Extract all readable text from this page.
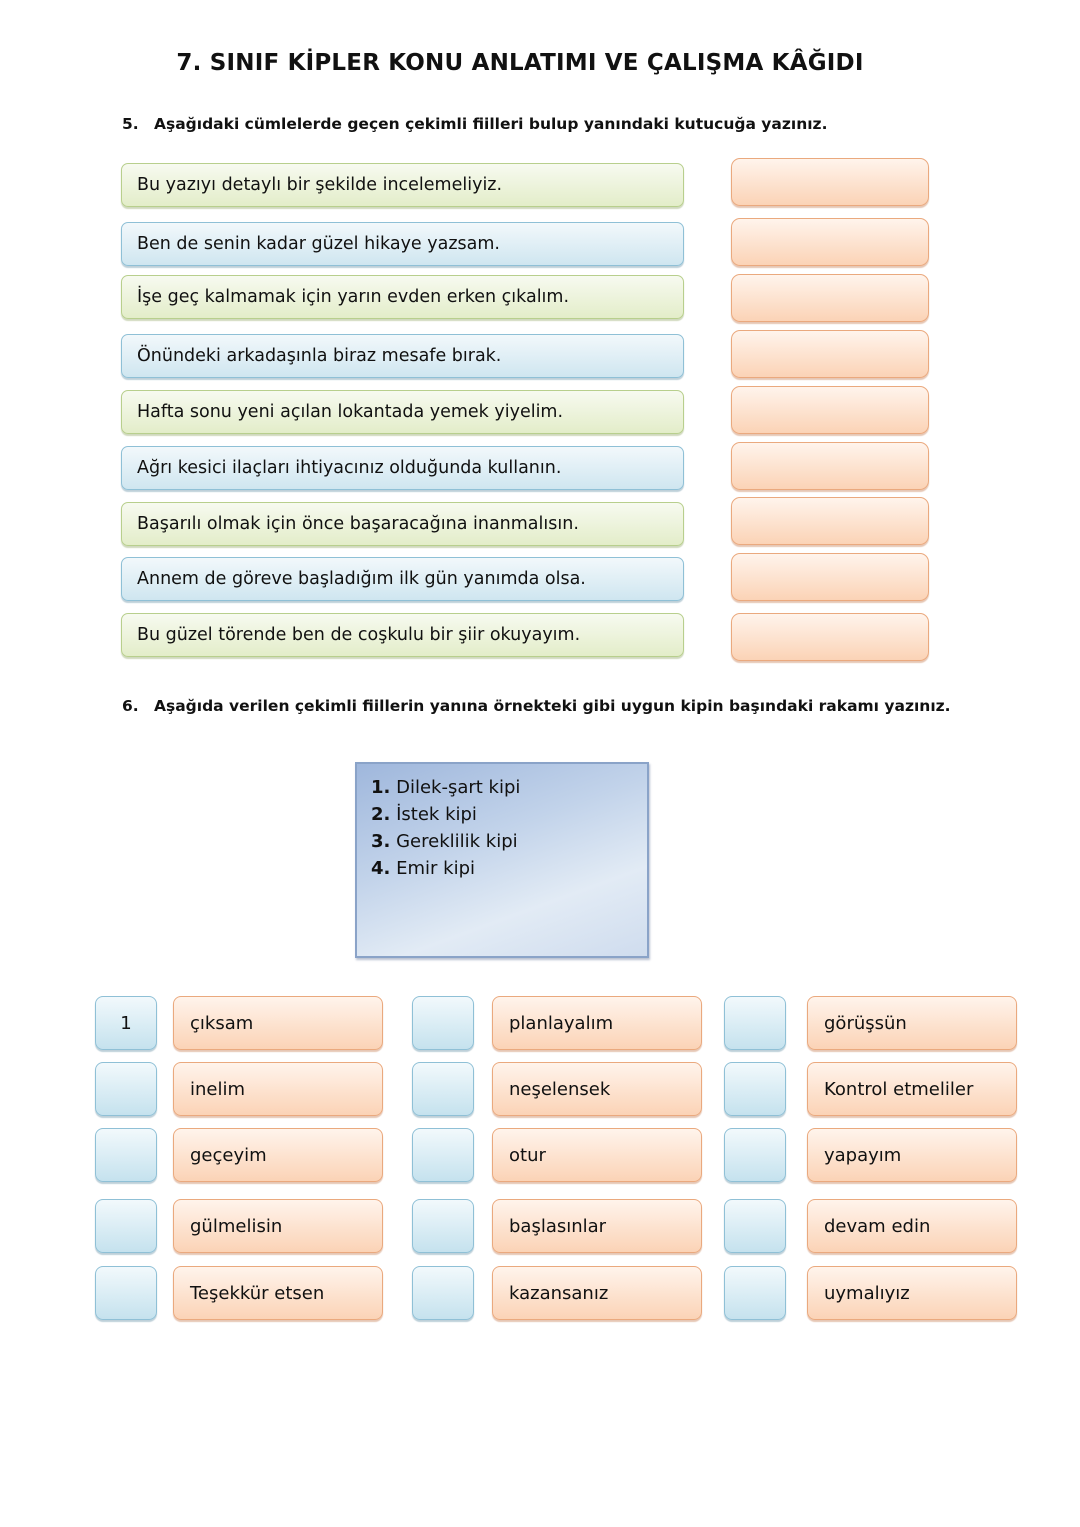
7. SINIF KİPLER KONU ANLATIMI VE ÇALIŞMA KÂĞIDI
5. Aşağıdaki cümlelerde geçen çekimli fiilleri bulup yanındaki kutucuğa yazınız.
Bu yazıyı detaylı bir şekilde incelemeliyiz.
Ben de senin kadar güzel hikaye yazsam.
İşe geç kalmamak için yarın evden erken çıkalım.
Önündeki arkadaşınla biraz mesafe bırak.
Hafta sonu yeni açılan lokantada yemek yiyelim.
Ağrı kesici ilaçları ihtiyacınız olduğunda kullanın.
Başarılı olmak için önce başaracağına inanmalısın.
Annem de göreve başladığım ilk gün yanımda olsa.
Bu güzel törende ben de coşkulu bir şiir okuyayım.
6. Aşağıda verilen çekimli fiillerin yanına örnekteki gibi uygun kipin başındaki rakamı yazınız.
1. Dilek-şart kipi
2. İstek kipi
3. Gereklilik kipi
4. Emir kipi
1	çıksam	planlayalım	görüşsün
inelim	neşelensek	Kontrol etmeliler
geçeyim	otur	yapayım
gülmelisin	başlasınlar	devam edin
Teşekkür etsen	kazansanız	uymalıyız
